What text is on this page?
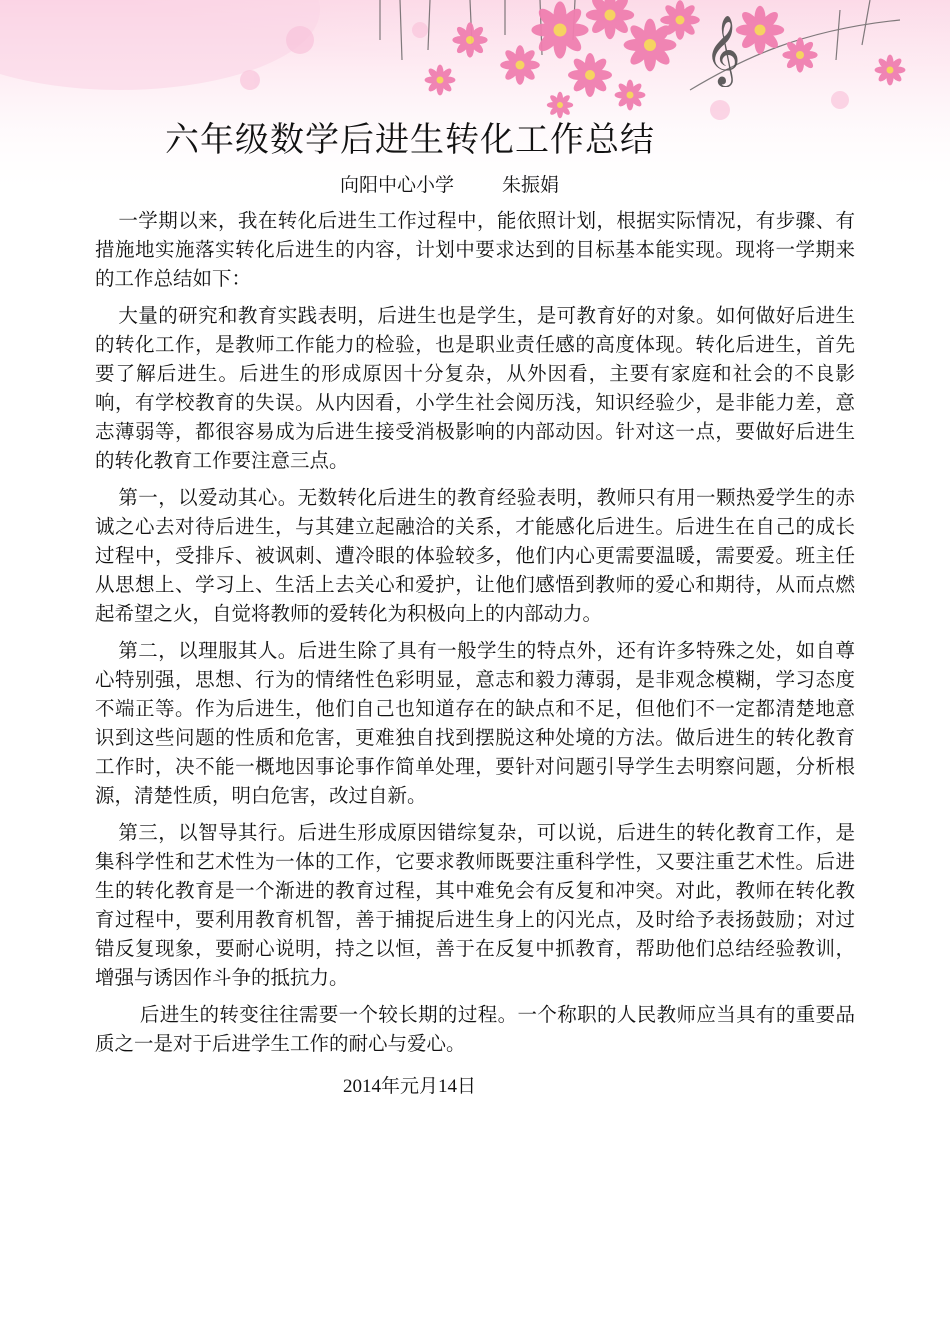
𝄞
六年级数学后进生转化工作总结
向阳中心小学	朱振娟

一学期以来，我在转化后进生工作过程中，能依照计划，根据实际情况，有步骤、有措施地实施落实转化后进生的内容，计划中要求达到的目标基本能实现。现将一学期来的工作总结如下：

大量的研究和教育实践表明，后进生也是学生，是可教育好的对象。如何做好后进生的转化工作，是教师工作能力的检验，也是职业责任感的高度体现。转化后进生，首先要了解后进生。后进生的形成原因十分复杂，从外因看，主要有家庭和社会的不良影响，有学校教育的失误。从内因看，小学生社会阅历浅，知识经验少，是非能力差，意志薄弱等，都很容易成为后进生接受消极影响的内部动因。针对这一点，要做好后进生的转化教育工作要注意三点。

第一，以爱动其心。无数转化后进生的教育经验表明，教师只有用一颗热爱学生的赤诚之心去对待后进生，与其建立起融洽的关系，才能感化后进生。后进生在自己的成长过程中，受排斥、被讽刺、遭冷眼的体验较多，他们内心更需要温暖，需要爱。班主任从思想上、学习上、生活上去关心和爱护，让他们感悟到教师的爱心和期待，从而点燃起希望之火，自觉将教师的爱转化为积极向上的内部动力。

第二，以理服其人。后进生除了具有一般学生的特点外，还有许多特殊之处，如自尊心特别强，思想、行为的情绪性色彩明显，意志和毅力薄弱，是非观念模糊，学习态度不端正等。作为后进生，他们自己也知道存在的缺点和不足，但他们不一定都清楚地意识到这些问题的性质和危害，更难独自找到摆脱这种处境的方法。做后进生的转化教育工作时，决不能一概地因事论事作简单处理，要针对问题引导学生去明察问题，分析根源，清楚性质，明白危害，改过自新。

第三，以智导其行。后进生形成原因错综复杂，可以说，后进生的转化教育工作，是集科学性和艺术性为一体的工作，它要求教师既要注重科学性，又要注重艺术性。后进生的转化教育是一个渐进的教育过程，其中难免会有反复和冲突。对此，教师在转化教育过程中，要利用教育机智，善于捕捉后进生身上的闪光点，及时给予表扬鼓励；对过错反复现象，要耐心说明，持之以恒，善于在反复中抓教育，帮助他们总结经验教训，增强与诱因作斗争的抵抗力。

后进生的转变往往需要一个较长期的过程。一个称职的人民教师应当具有的重要品质之一是对于后进学生工作的耐心与爱心。

2014年元月14日
